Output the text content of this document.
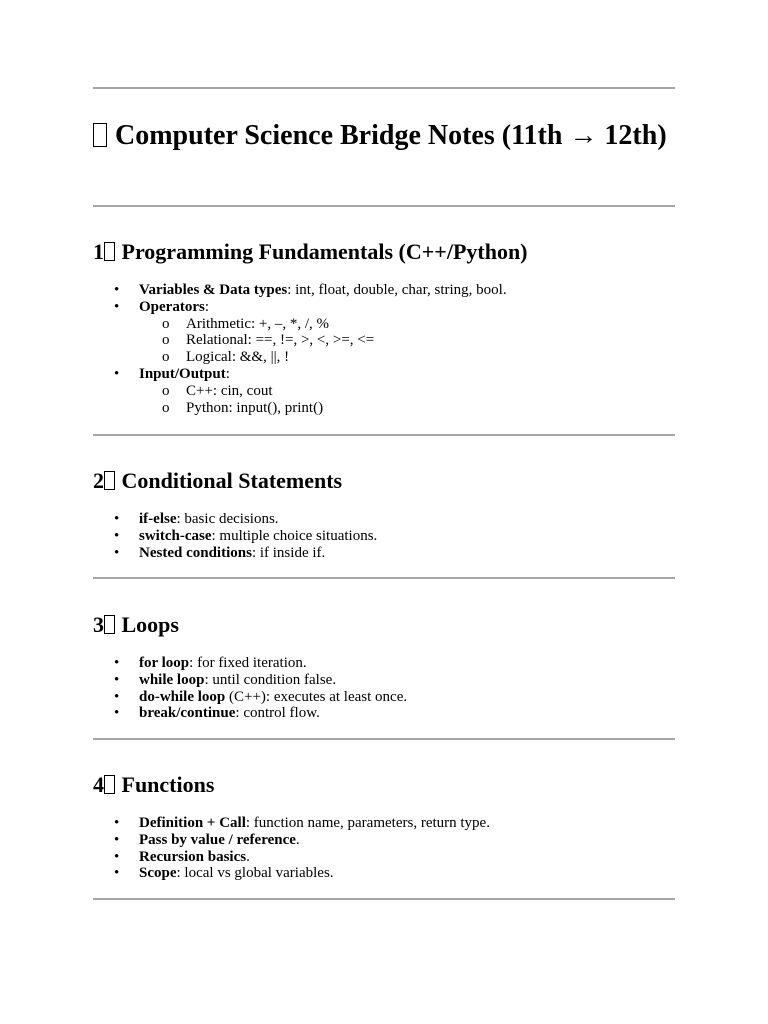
Computer Science Bridge Notes (11th → 12th)
1 Programming Fundamentals (C++/Python)
• Variables & Data types: int, float, double, char, string, bool.
• Operators:
o Arithmetic: +, –, *, /, %
o Relational: ==, !=, >, <, >=, <=
o Logical: &&, ||, !
• Input/Output:
o C++: cin, cout
o Python: input(), print()
2 Conditional Statements
• if-else: basic decisions.
• switch-case: multiple choice situations.
• Nested conditions: if inside if.
3 Loops
• for loop: for fixed iteration.
• while loop: until condition false.
• do-while loop (C++): executes at least once.
• break/continue: control flow.
4 Functions
• Definition + Call: function name, parameters, return type.
• Pass by value / reference.
• Recursion basics.
• Scope: local vs global variables.
